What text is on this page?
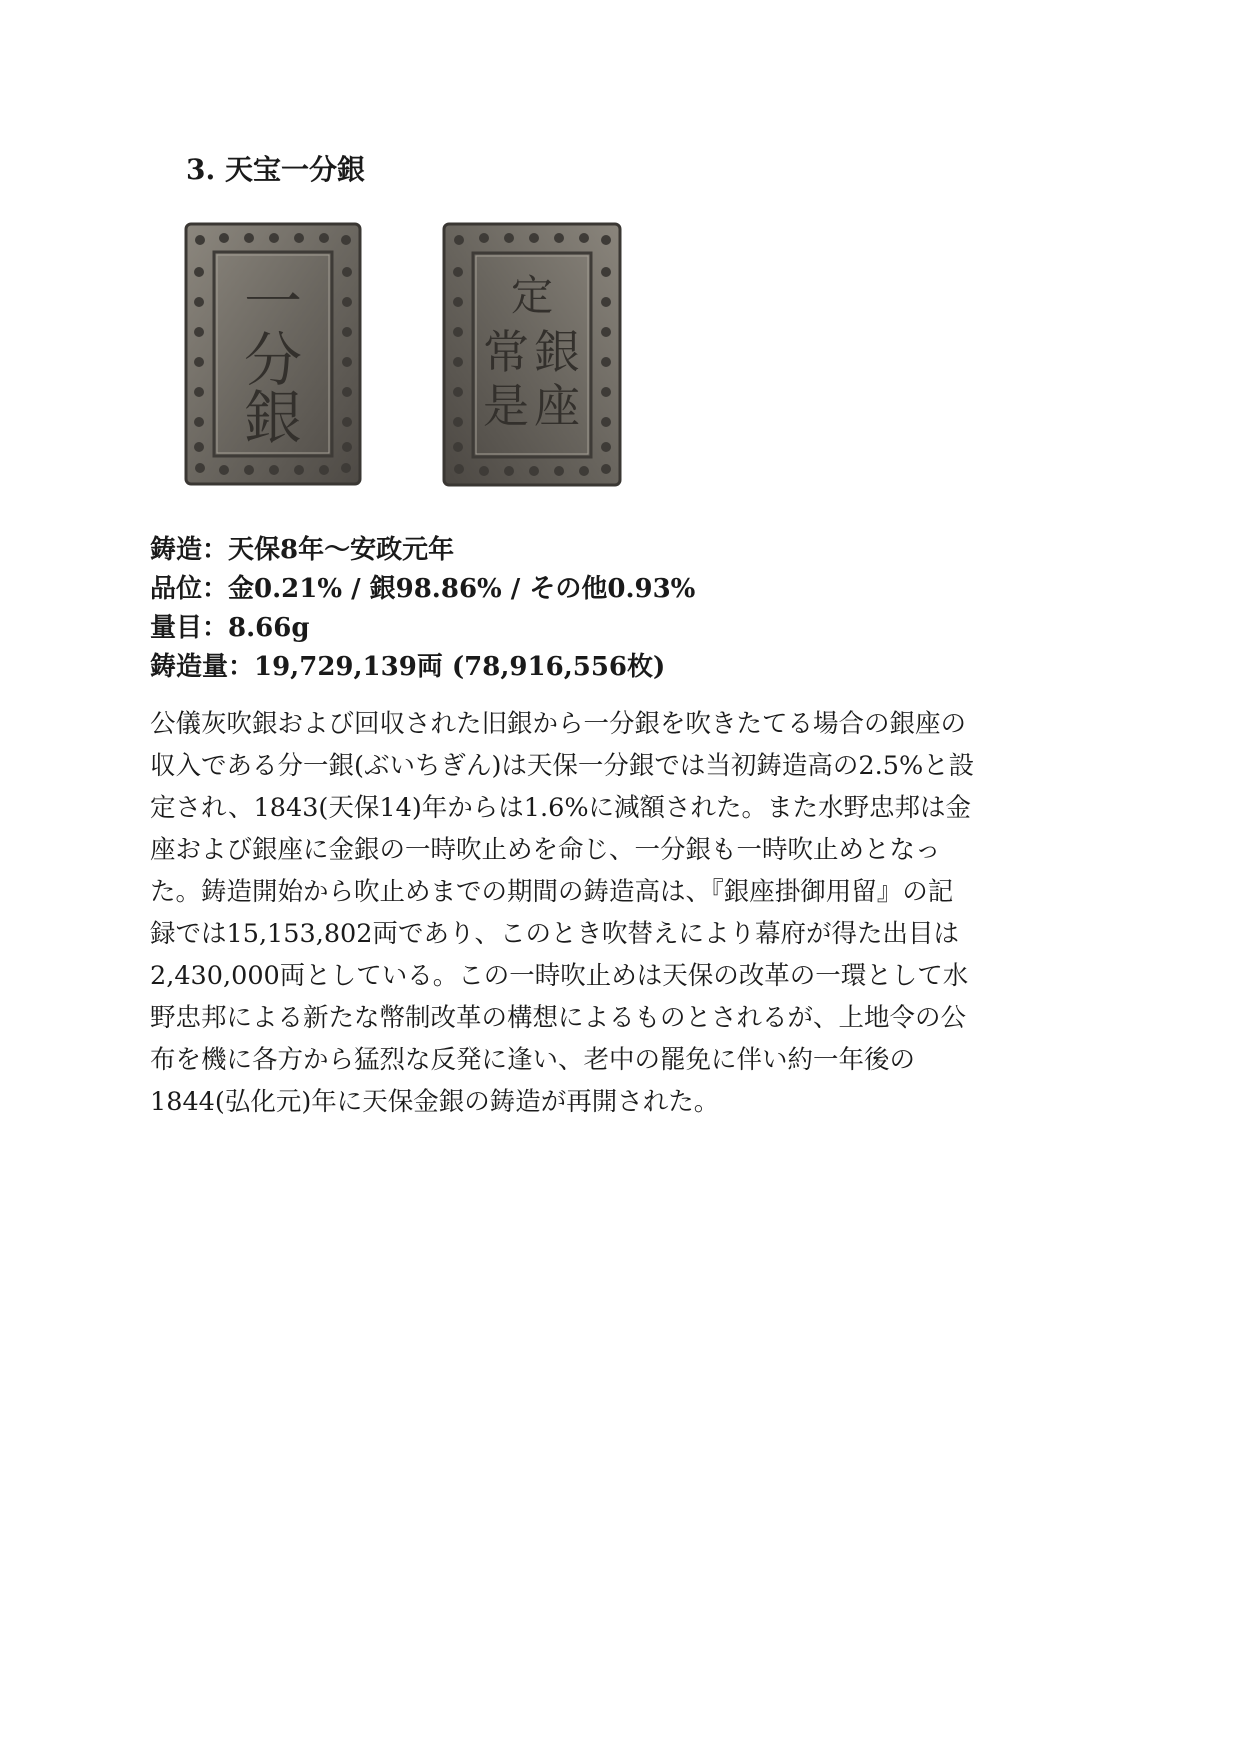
3. 天宝一分銀
一
分
銀
定
銀
座
常
是
鋳造：天保8年～安政元年
品位：金0.21% / 銀98.86% / その他0.93%
量目：8.66g
鋳造量：19,729,139両 (78,916,556枚)

公儀灰吹銀および回収された旧銀から一分銀を吹きたてる場合の銀座の
収入である分一銀(ぶいちぎん)は天保一分銀では当初鋳造高の2.5%と設
定され、1843(天保14)年からは1.6%に減額された。また水野忠邦は金
座および銀座に金銀の一時吹止めを命じ、一分銀も一時吹止めとなっ
た。鋳造開始から吹止めまでの期間の鋳造高は、『銀座掛御用留』の記
録では15,153,802両であり、このとき吹替えにより幕府が得た出目は
2,430,000両としている。この一時吹止めは天保の改革の一環として水
野忠邦による新たな幣制改革の構想によるものとされるが、上地令の公
布を機に各方から猛烈な反発に逢い、老中の罷免に伴い約一年後の
1844(弘化元)年に天保金銀の鋳造が再開された。
